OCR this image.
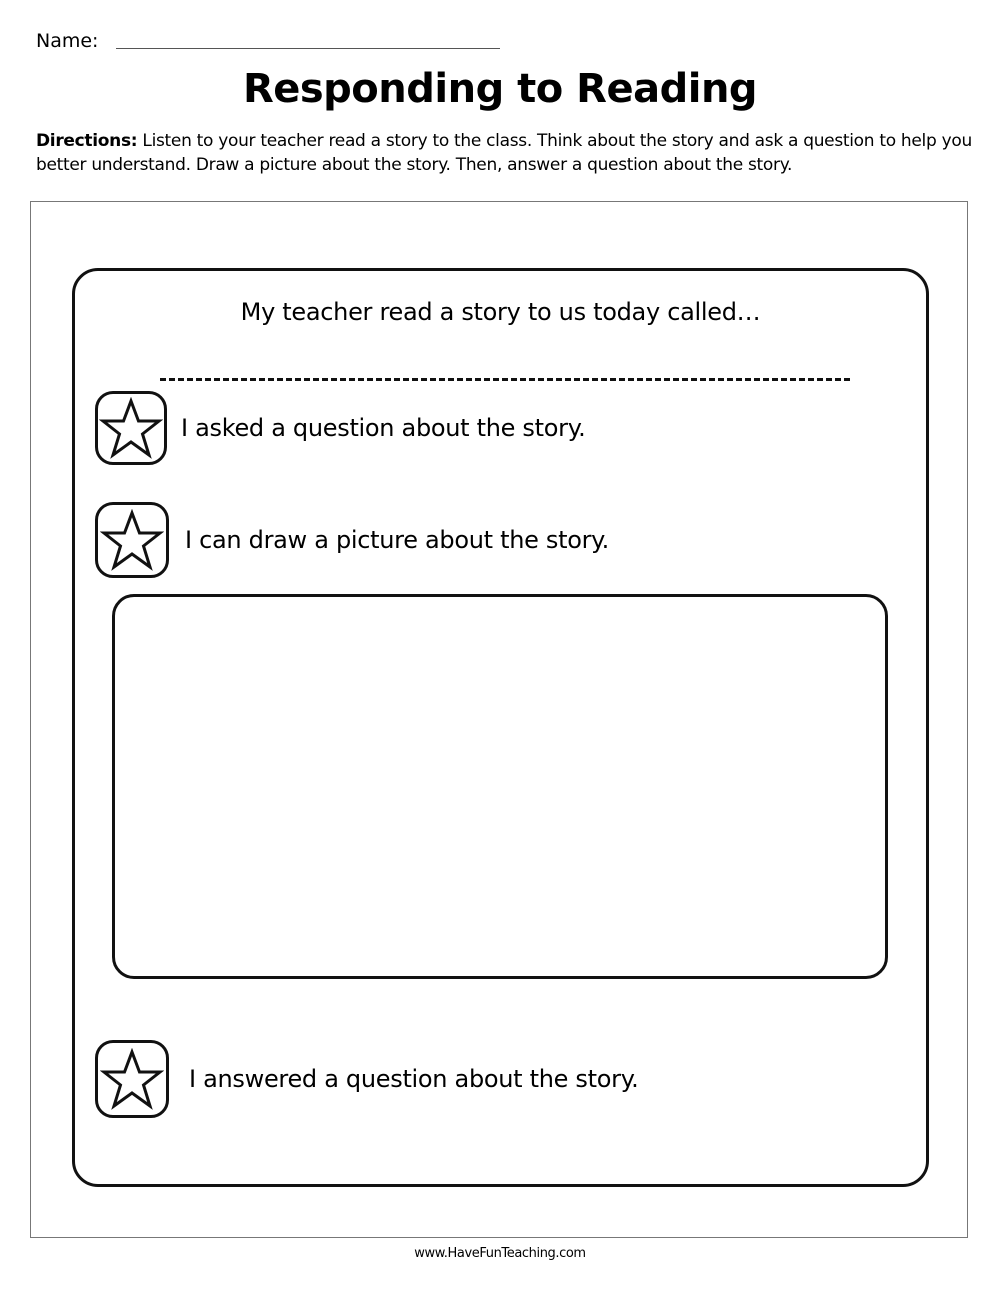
Name:
Responding to Reading
Directions: Listen to your teacher read a story to the class. Think about the story and ask a question to help you better understand. Draw a picture about the story. Then, answer a question about the story.
My teacher read a story to us today called…
I asked a question about the story.
I can draw a picture about the story.
I answered a question about the story.
www.HaveFunTeaching.com
